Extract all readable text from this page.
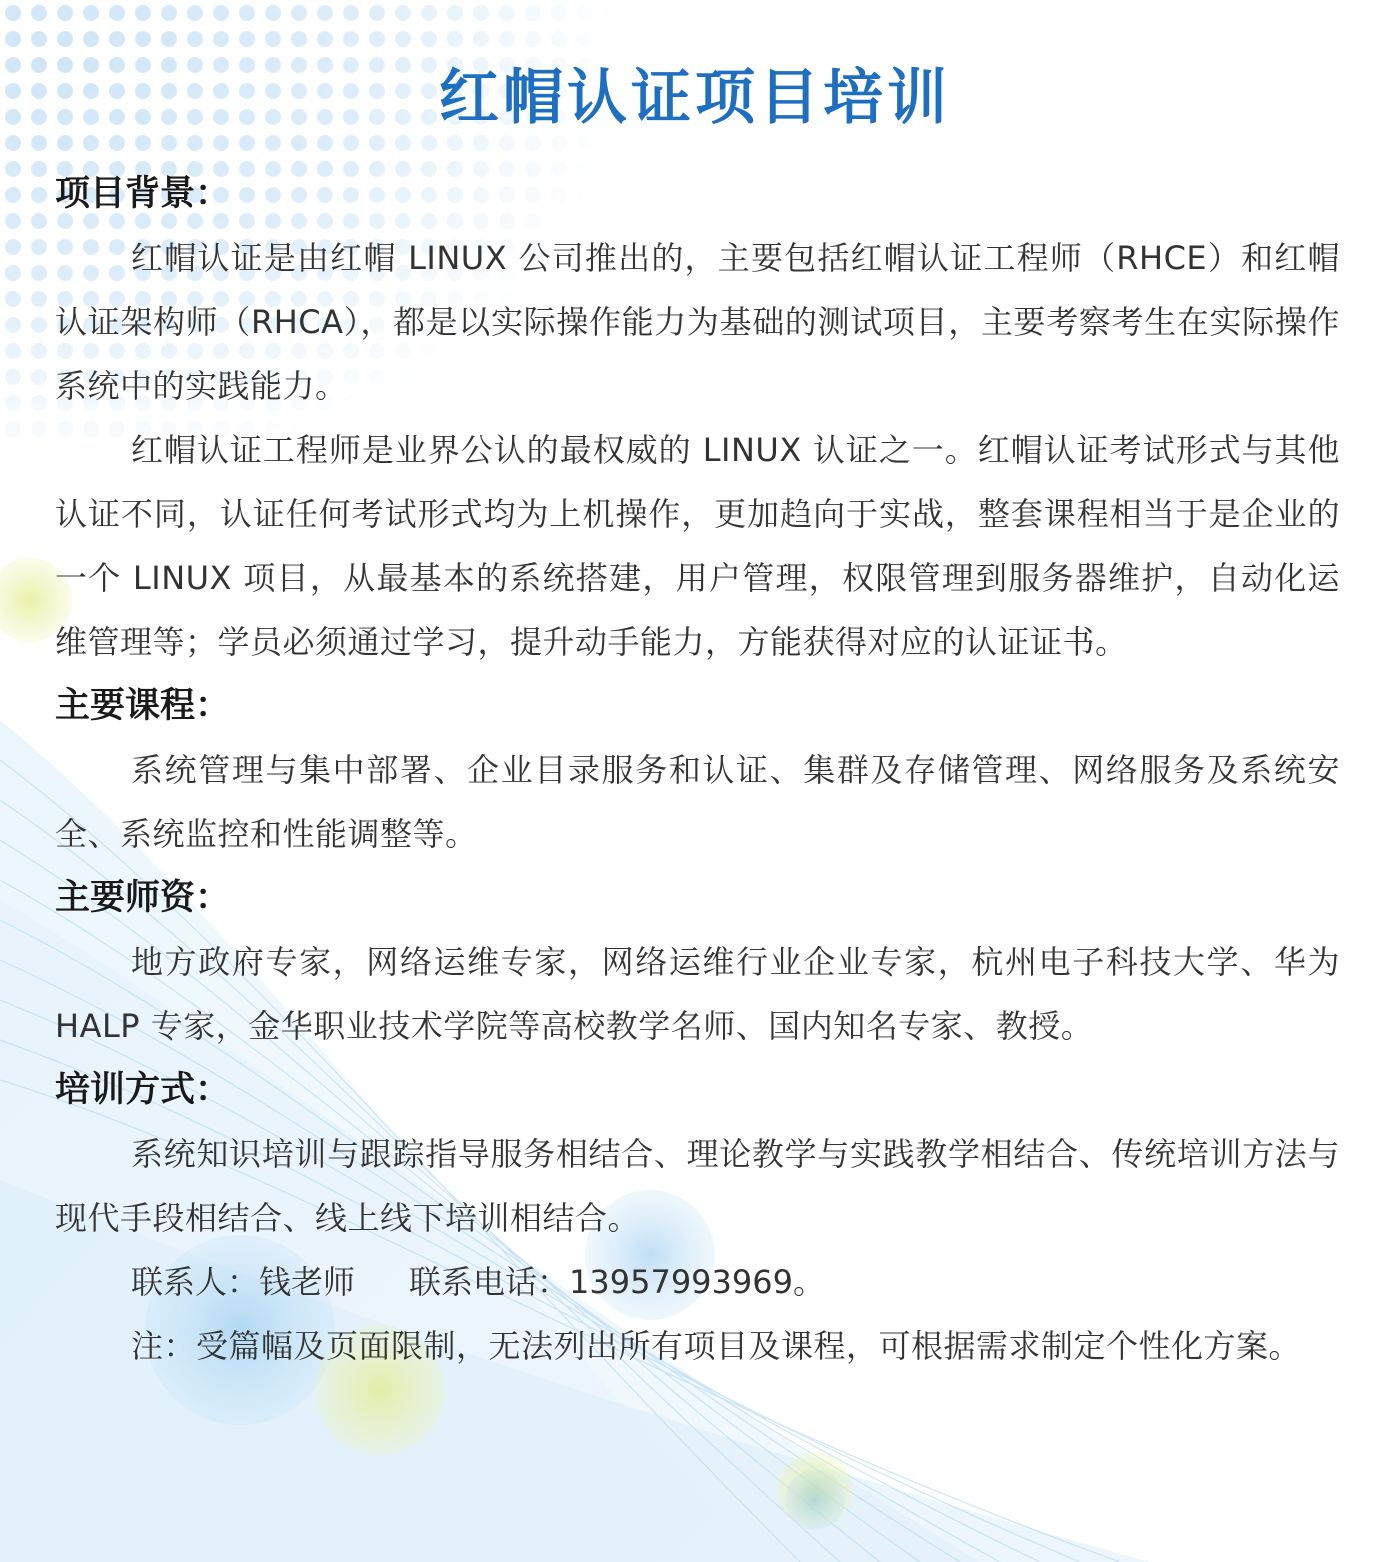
红帽认证项目培训
项目背景：

红帽认证是由红帽 LINUX 公司推出的，主要包括红帽认证工程师（RHCE）和红帽认证架构师（RHCA），都是以实际操作能力为基础的测试项目，主要考察考生在实际操作系统中的实践能力。

红帽认证工程师是业界公认的最权威的 LINUX 认证之一。红帽认证考试形式与其他认证不同，认证任何考试形式均为上机操作，更加趋向于实战，整套课程相当于是企业的一个 LINUX 项目，从最基本的系统搭建，用户管理，权限管理到服务器维护，自动化运维管理等；学员必须通过学习，提升动手能力，方能获得对应的认证证书。

主要课程：

系统管理与集中部署、企业目录服务和认证、集群及存储管理、网络服务及系统安全、系统监控和性能调整等。

主要师资：

地方政府专家，网络运维专家，网络运维行业企业专家，杭州电子科技大学、华为 HALP 专家，金华职业技术学院等高校教学名师、国内知名专家、教授。

培训方式：

系统知识培训与跟踪指导服务相结合、理论教学与实践教学相结合、传统培训方法与现代手段相结合、线上线下培训相结合。

联系人：钱老师 联系电话：13957993969。

注：受篇幅及页面限制，无法列出所有项目及课程，可根据需求制定个性化方案。
